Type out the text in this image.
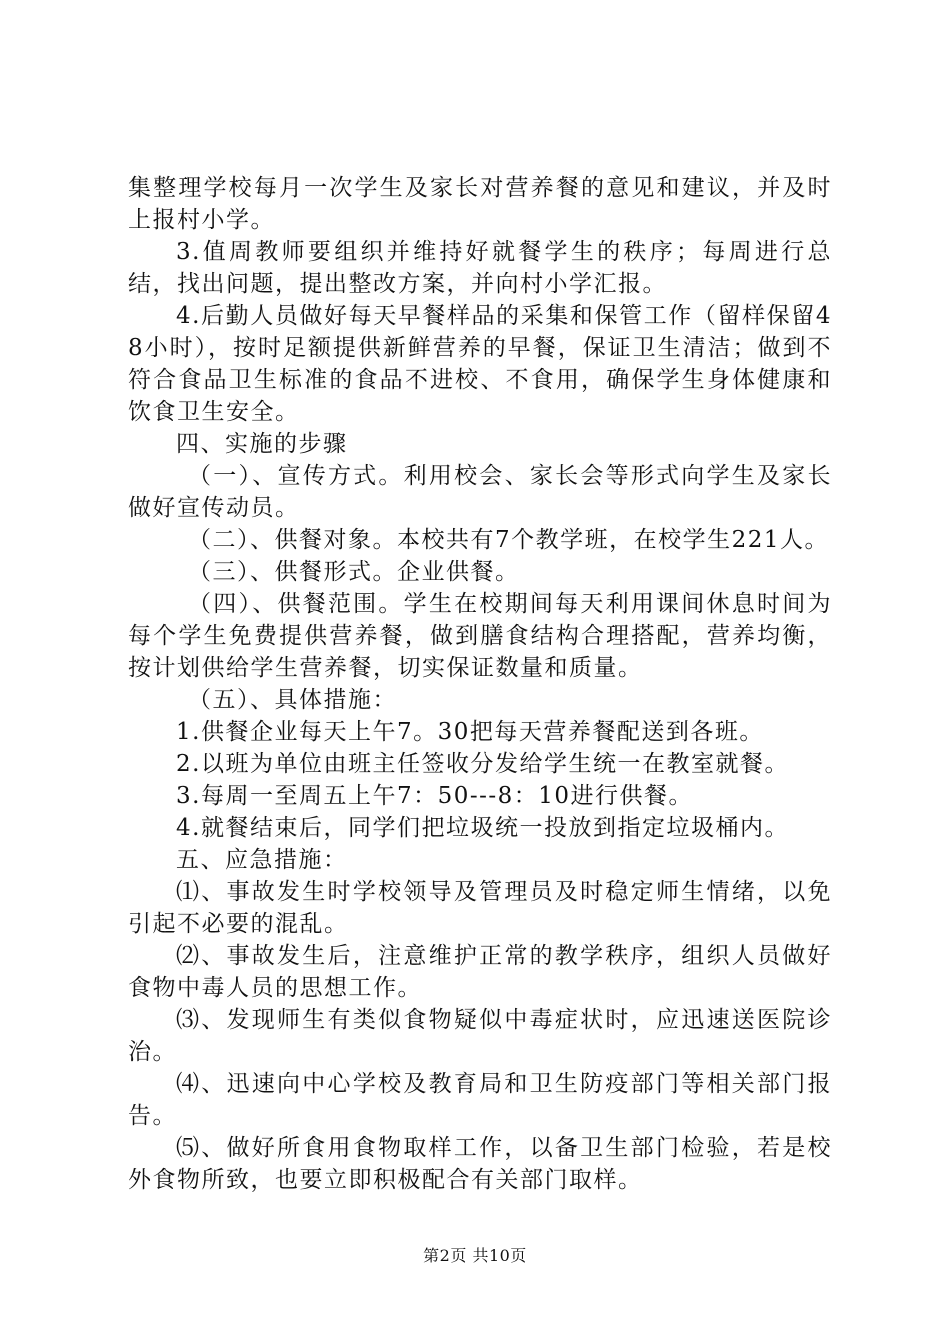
集整理学校每月一次学生及家长对营养餐的意见和建议，并及时上报村小学。

3.值周教师要组织并维持好就餐学生的秩序；每周进行总结，找出问题，提出整改方案，并向村小学汇报。

4.后勤人员做好每天早餐样品的采集和保管工作（留样保留48小时），按时足额提供新鲜营养的早餐，保证卫生清洁；做到不符合食品卫生标准的食品不进校、不食用，确保学生身体健康和饮食卫生安全。

四、实施的步骤

（一）、宣传方式。利用校会、家长会等形式向学生及家长做好宣传动员。

（二）、供餐对象。本校共有7个教学班，在校学生221人。

（三）、供餐形式。企业供餐。

（四）、供餐范围。学生在校期间每天利用课间休息时间为每个学生免费提供营养餐，做到膳食结构合理搭配，营养均衡，按计划供给学生营养餐，切实保证数量和质量。

（五）、具体措施：

1.供餐企业每天上午7。30把每天营养餐配送到各班。

2.以班为单位由班主任签收分发给学生统一在教室就餐。

3.每周一至周五上午7：50---8：10进行供餐。

4.就餐结束后，同学们把垃圾统一投放到指定垃圾桶内。

五、应急措施：

⑴、事故发生时学校领导及管理员及时稳定师生情绪，以免引起不必要的混乱。

⑵、事故发生后，注意维护正常的教学秩序，组织人员做好食物中毒人员的思想工作。

⑶、发现师生有类似食物疑似中毒症状时，应迅速送医院诊治。

⑷、迅速向中心学校及教育局和卫生防疫部门等相关部门报告。

⑸、做好所食用食物取样工作，以备卫生部门检验，若是校外食物所致，也要立即积极配合有关部门取样。

第2页 共10页
